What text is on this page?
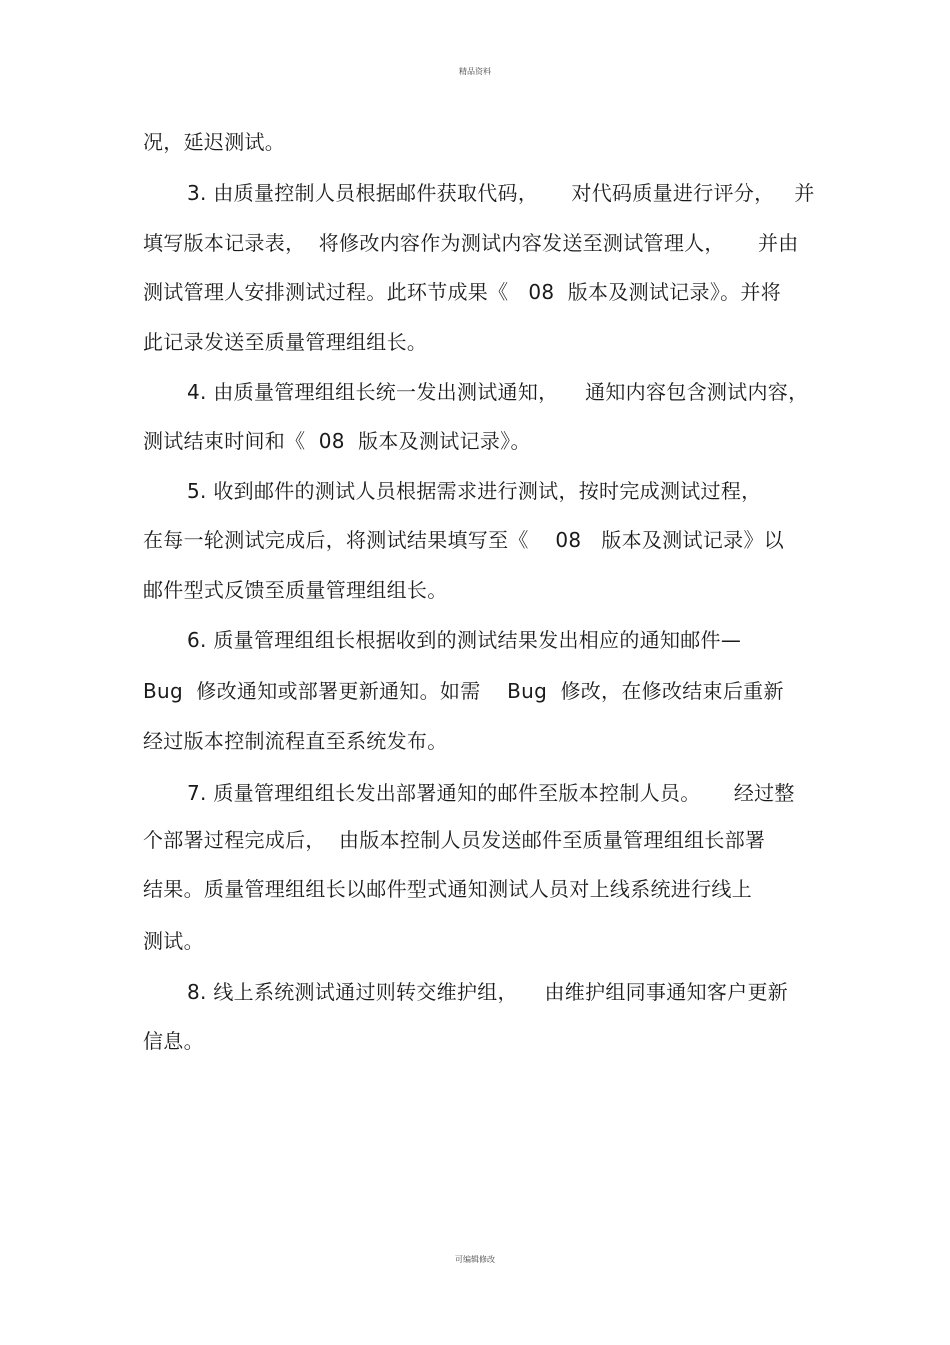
精品资料
况，延迟测试。
3. 由质量控制人员根据邮件获取代码，     对代码质量进行评分，   并
填写版本记录表，  将修改内容作为测试内容发送至测试管理人，     并由
测试管理人安排测试过程。此环节成果《   08  版本及测试记录》。并将
此记录发送至质量管理组组长。
4. 由质量管理组组长统一发出测试通知，    通知内容包含测试内容，
测试结束时间和《  08  版本及测试记录》。
5. 收到邮件的测试人员根据需求进行测试，按时完成测试过程，
在每一轮测试完成后，将测试结果填写至《    08   版本及测试记录》以
邮件型式反馈至质量管理组组长。
6. 质量管理组组长根据收到的测试结果发出相应的通知邮件—
Bug  修改通知或部署更新通知。如需    Bug  修改，在修改结束后重新
经过版本控制流程直至系统发布。
7. 质量管理组组长发出部署通知的邮件至版本控制人员。     经过整
个部署过程完成后，  由版本控制人员发送邮件至质量管理组组长部署
结果。质量管理组组长以邮件型式通知测试人员对上线系统进行线上
测试。
8. 线上系统测试通过则转交维护组，    由维护组同事通知客户更新
信息。
可编辑修改
